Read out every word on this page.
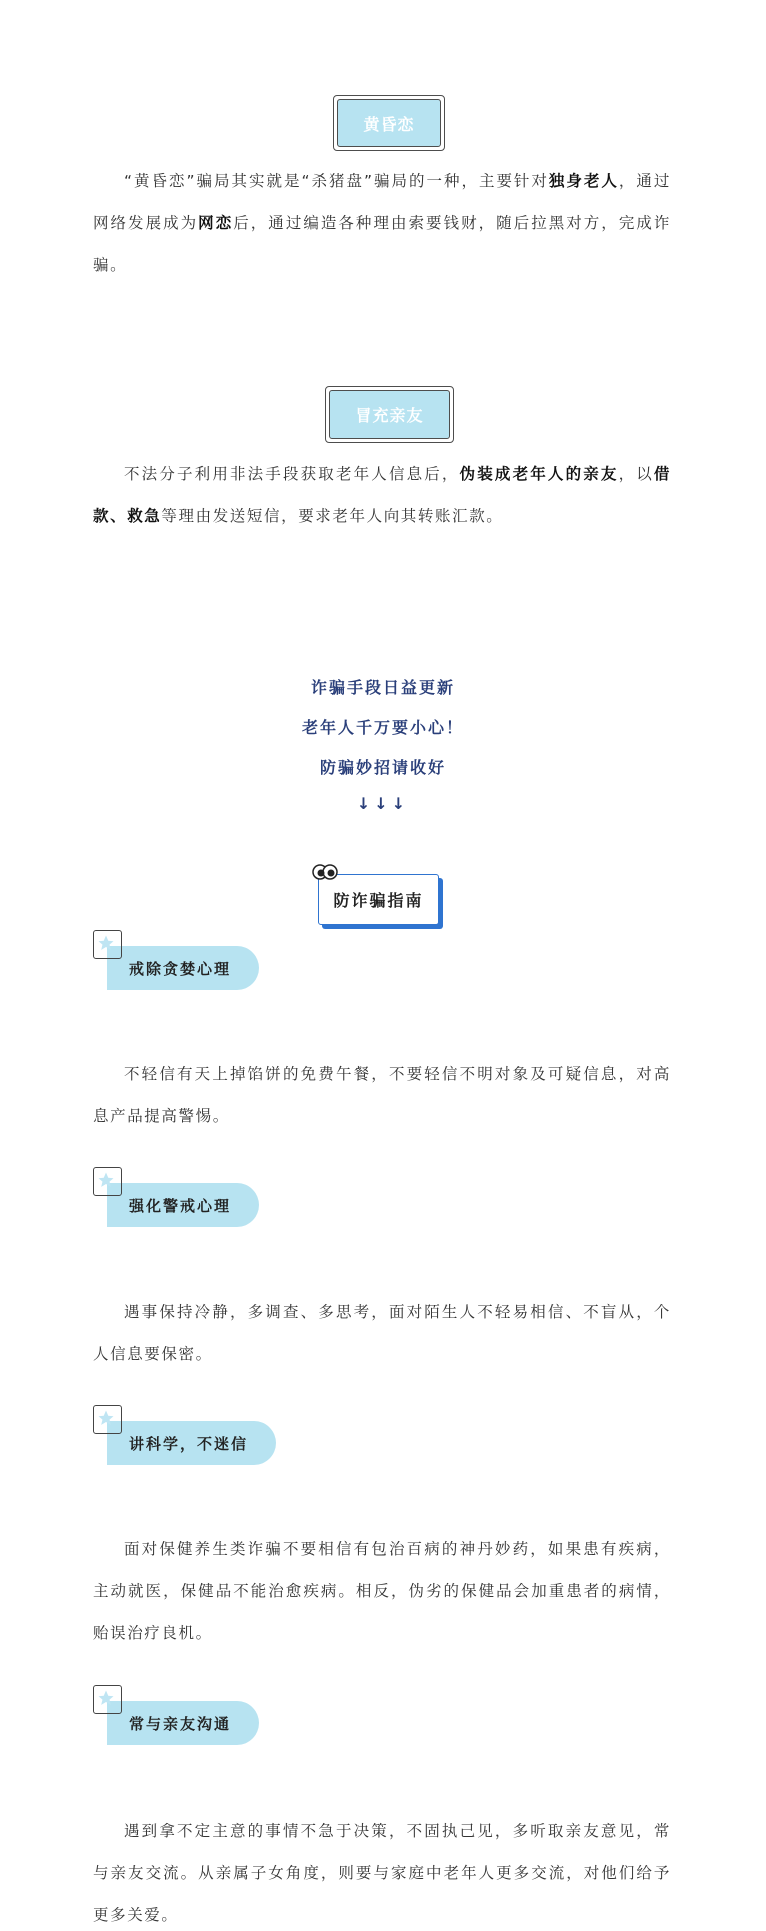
黄昏恋

“黄昏恋”骗局其实就是“杀猪盘”骗局的一种，主要针对独身老人，通过网络发展成为网恋后，通过编造各种理由索要钱财，随后拉黑对方，完成诈骗。

冒充亲友

不法分子利用非法手段获取老年人信息后，伪装成老年人的亲友，以借款、救急等理由发送短信，要求老年人向其转账汇款。

诈骗手段日益更新
老年人千万要小心！
防骗妙招请收好
↓↓↓
防诈骗指南
戒除贪婪心理

不轻信有天上掉馅饼的免费午餐，不要轻信不明对象及可疑信息，对高息产品提高警惕。

强化警戒心理

遇事保持冷静，多调查、多思考，面对陌生人不轻易相信、不盲从，个人信息要保密。

讲科学，不迷信

面对保健养生类诈骗不要相信有包治百病的神丹妙药，如果患有疾病，主动就医，保健品不能治愈疾病。相反，伪劣的保健品会加重患者的病情，贻误治疗良机。

常与亲友沟通

遇到拿不定主意的事情不急于决策，不固执己见，多听取亲友意见，常与亲友交流。从亲属子女角度，则要与家庭中老年人更多交流，对他们给予更多关爱。
